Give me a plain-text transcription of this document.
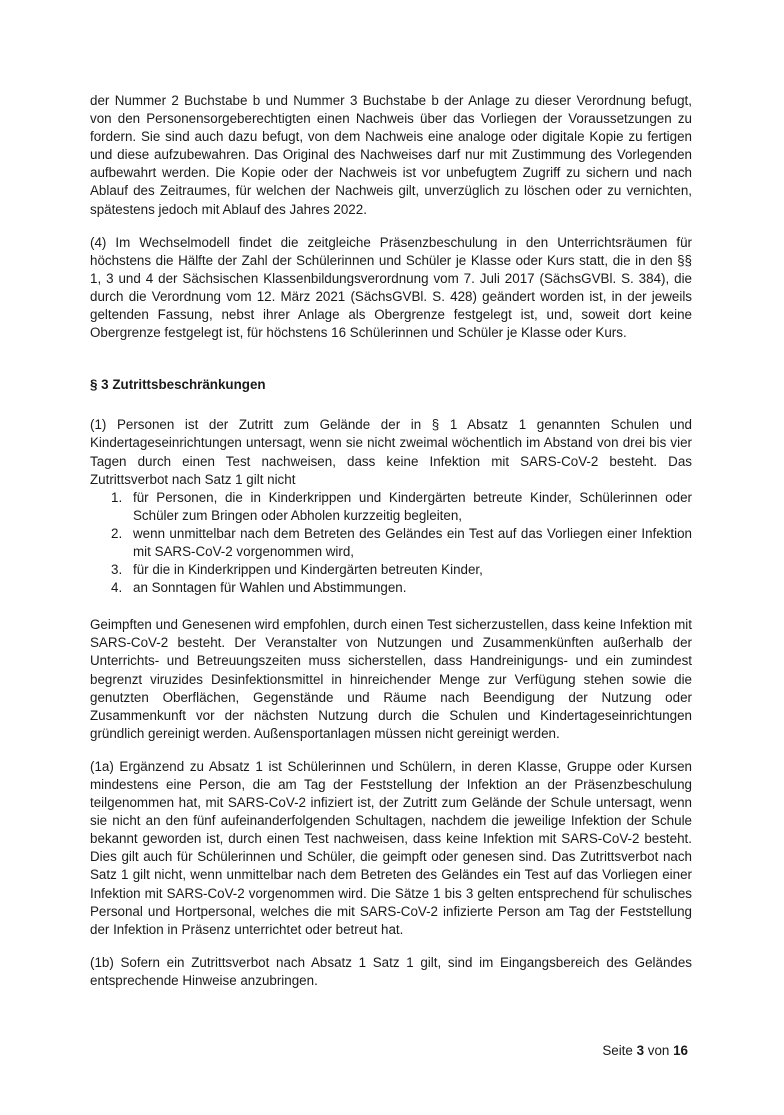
der Nummer 2 Buchstabe b und Nummer 3 Buchstabe b der Anlage zu dieser Verordnung befugt, von den Personensorgeberechtigten einen Nachweis über das Vorliegen der Voraussetzungen zu fordern. Sie sind auch dazu befugt, von dem Nachweis eine analoge oder digitale Kopie zu fertigen und diese aufzubewahren. Das Original des Nachweises darf nur mit Zustimmung des Vorlegenden aufbewahrt werden. Die Kopie oder der Nachweis ist vor unbefugtem Zugriff zu sichern und nach Ablauf des Zeitraumes, für welchen der Nachweis gilt, unverzüglich zu löschen oder zu vernichten, spätestens jedoch mit Ablauf des Jahres 2022.

(4) Im Wechselmodell findet die zeitgleiche Präsenzbeschulung in den Unterrichtsräumen für höchstens die Hälfte der Zahl der Schülerinnen und Schüler je Klasse oder Kurs statt, die in den §§ 1, 3 und 4 der Sächsischen Klassenbildungsverordnung vom 7. Juli 2017 (SächsGVBl. S. 384), die durch die Verordnung vom 12. März 2021 (SächsGVBl. S. 428) geändert worden ist, in der jeweils geltenden Fassung, nebst ihrer Anlage als Obergrenze festgelegt ist, und, soweit dort keine Obergrenze festgelegt ist, für höchstens 16 Schülerinnen und Schüler je Klasse oder Kurs.

§ 3 Zutrittsbeschränkungen

(1) Personen ist der Zutritt zum Gelände der in § 1 Absatz 1 genannten Schulen und Kindertageseinrichtungen untersagt, wenn sie nicht zweimal wöchentlich im Abstand von drei bis vier Tagen durch einen Test nachweisen, dass keine Infektion mit SARS-CoV-2 besteht. Das Zutrittsverbot nach Satz 1 gilt nicht

1. für Personen, die in Kinderkrippen und Kindergärten betreute Kinder, Schülerinnen oder Schüler zum Bringen oder Abholen kurzzeitig begleiten,
2. wenn unmittelbar nach dem Betreten des Geländes ein Test auf das Vorliegen einer Infektion mit SARS-CoV-2 vorgenommen wird,
3. für die in Kinderkrippen und Kindergärten betreuten Kinder,
4. an Sonntagen für Wahlen und Abstimmungen.

Geimpften und Genesenen wird empfohlen, durch einen Test sicherzustellen, dass keine Infektion mit SARS-CoV-2 besteht. Der Veranstalter von Nutzungen und Zusammenkünften außerhalb der Unterrichts- und Betreuungszeiten muss sicherstellen, dass Handreinigungs- und ein zumindest begrenzt viruzides Desinfektionsmittel in hinreichender Menge zur Verfügung stehen sowie die genutzten Oberflächen, Gegenstände und Räume nach Beendigung der Nutzung oder Zusammenkunft vor der nächsten Nutzung durch die Schulen und Kindertageseinrichtungen gründlich gereinigt werden. Außensportanlagen müssen nicht gereinigt werden.

(1a) Ergänzend zu Absatz 1 ist Schülerinnen und Schülern, in deren Klasse, Gruppe oder Kursen mindestens eine Person, die am Tag der Feststellung der Infektion an der Präsenzbeschulung teilgenommen hat, mit SARS-CoV-2 infiziert ist, der Zutritt zum Gelände der Schule untersagt, wenn sie nicht an den fünf aufeinanderfolgenden Schultagen, nachdem die jeweilige Infektion der Schule bekannt geworden ist, durch einen Test nachweisen, dass keine Infektion mit SARS-CoV-2 besteht. Dies gilt auch für Schülerinnen und Schüler, die geimpft oder genesen sind. Das Zutrittsverbot nach Satz 1 gilt nicht, wenn unmittelbar nach dem Betreten des Geländes ein Test auf das Vorliegen einer Infektion mit SARS-CoV-2 vorgenommen wird. Die Sätze 1 bis 3 gelten entsprechend für schulisches Personal und Hortpersonal, welches die mit SARS-CoV-2 infizierte Person am Tag der Feststellung der Infektion in Präsenz unterrichtet oder betreut hat.

(1b) Sofern ein Zutrittsverbot nach Absatz 1 Satz 1 gilt, sind im Eingangsbereich des Geländes entsprechende Hinweise anzubringen.

Seite 3 von 16
